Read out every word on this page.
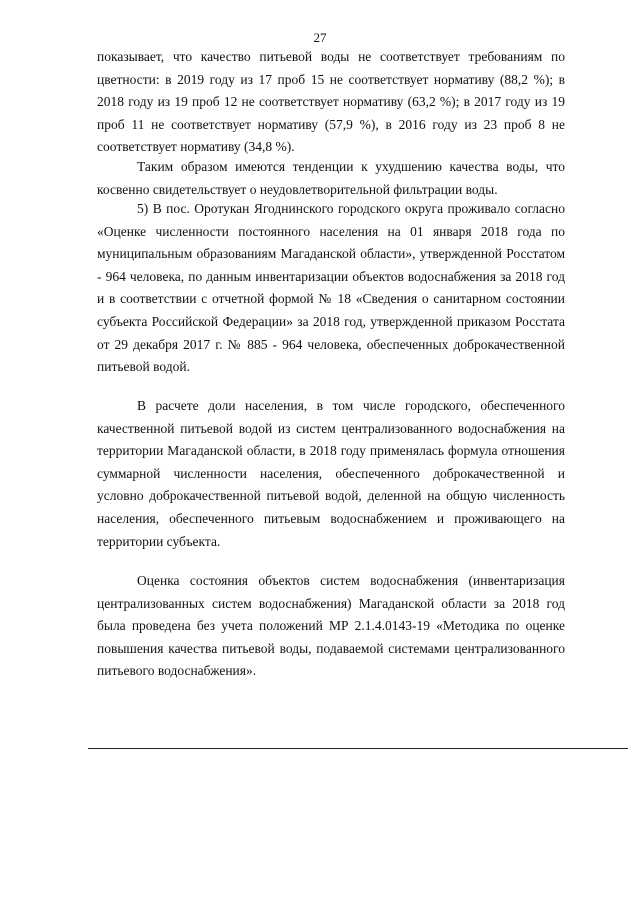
27

показывает, что качество питьевой воды не соответствует требованиям по цветности: в 2019 году из 17 проб 15 не соответствует нормативу (88,2 %); в 2018 году из 19 проб 12 не соответствует нормативу (63,2 %); в 2017 году из 19 проб 11 не соответствует нормативу (57,9 %), в 2016 году из 23 проб 8 не соответствует нормативу (34,8 %).

Таким образом имеются тенденции к ухудшению качества воды, что косвенно свидетельствует о неудовлетворительной фильтрации воды.

5) В пос. Оротукан Ягоднинского городского округа проживало согласно «Оценке численности постоянного населения на 01 января 2018 года по муниципальным образованиям Магаданской области», утвержденной Росстатом - 964 человека, по данным инвентаризации объектов водоснабжения за 2018 год и в соответствии с отчетной формой № 18 «Сведения о санитарном состоянии субъекта Российской Федерации» за 2018 год, утвержденной приказом Росстата от 29 декабря 2017 г. № 885 - 964 человека, обеспеченных доброкачественной питьевой водой.

В расчете доли населения, в том числе городского, обеспеченного качественной питьевой водой из систем централизованного водоснабжения на территории Магаданской области, в 2018 году применялась формула отношения суммарной численности населения, обеспеченного доброкачественной и условно доброкачественной питьевой водой, деленной на общую численность населения, обеспеченного питьевым водоснабжением и проживающего на территории субъекта.

Оценка состояния объектов систем водоснабжения (инвентаризация централизованных систем водоснабжения) Магаданской области за 2018 год была проведена без учета положений МР 2.1.4.0143-19 «Методика по оценке повышения качества питьевой воды, подаваемой системами централизованного питьевого водоснабжения».
